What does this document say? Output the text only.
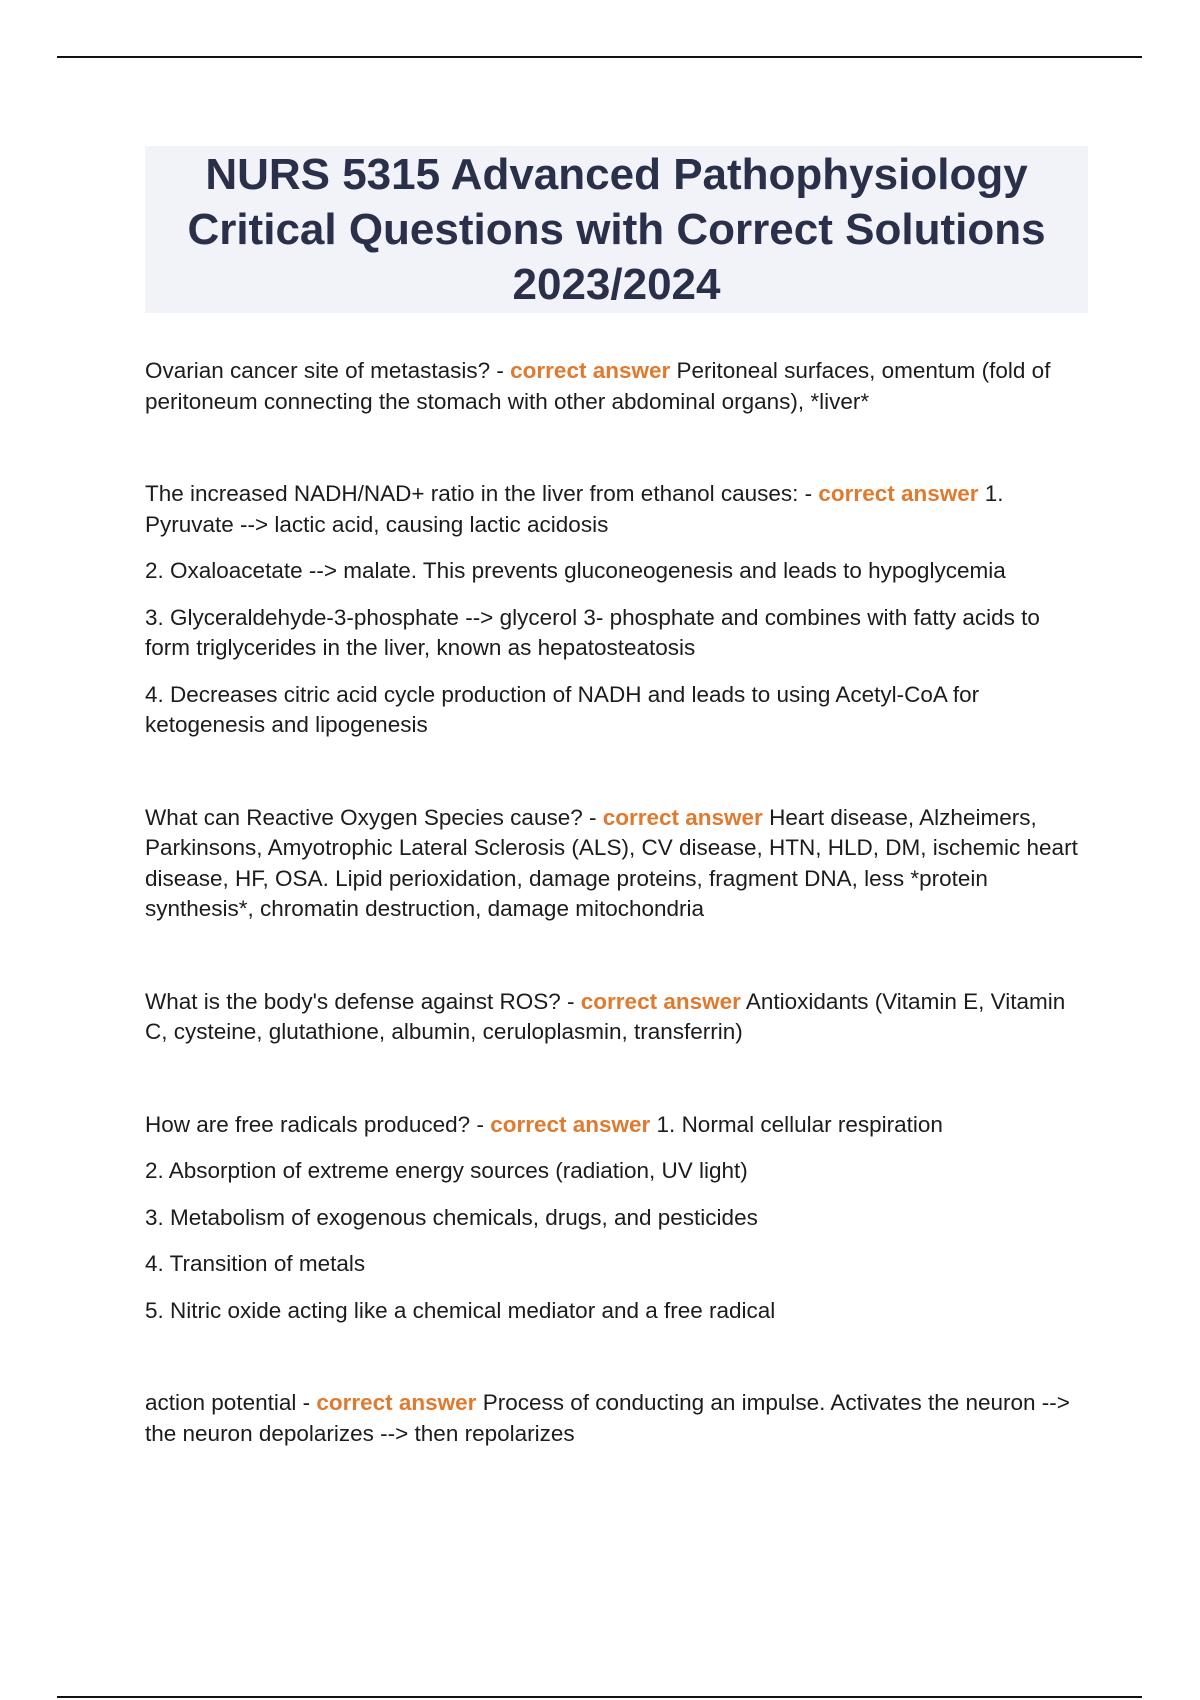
NURS 5315 Advanced Pathophysiology Critical Questions with Correct Solutions 2023/2024

Ovarian cancer site of metastasis? - correct answer Peritoneal surfaces, omentum (fold of peritoneum connecting the stomach with other abdominal organs), *liver*

The increased NADH/NAD+ ratio in the liver from ethanol causes: - correct answer 1. Pyruvate --> lactic acid, causing lactic acidosis

2. Oxaloacetate --> malate. This prevents gluconeogenesis and leads to hypoglycemia

3. Glyceraldehyde-3-phosphate --> glycerol 3- phosphate and combines with fatty acids to form triglycerides in the liver, known as hepatosteatosis

4. Decreases citric acid cycle production of NADH and leads to using Acetyl-CoA for ketogenesis and lipogenesis

What can Reactive Oxygen Species cause? - correct answer Heart disease, Alzheimers, Parkinsons, Amyotrophic Lateral Sclerosis (ALS), CV disease, HTN, HLD, DM, ischemic heart disease, HF, OSA. Lipid perioxidation, damage proteins, fragment DNA, less *protein synthesis*, chromatin destruction, damage mitochondria

What is the body's defense against ROS? - correct answer Antioxidants (Vitamin E, Vitamin C, cysteine, glutathione, albumin, ceruloplasmin, transferrin)

How are free radicals produced? - correct answer 1. Normal cellular respiration

2. Absorption of extreme energy sources (radiation, UV light)

3. Metabolism of exogenous chemicals, drugs, and pesticides

4. Transition of metals

5. Nitric oxide acting like a chemical mediator and a free radical

action potential - correct answer Process of conducting an impulse. Activates the neuron --> the neuron depolarizes --> then repolarizes
